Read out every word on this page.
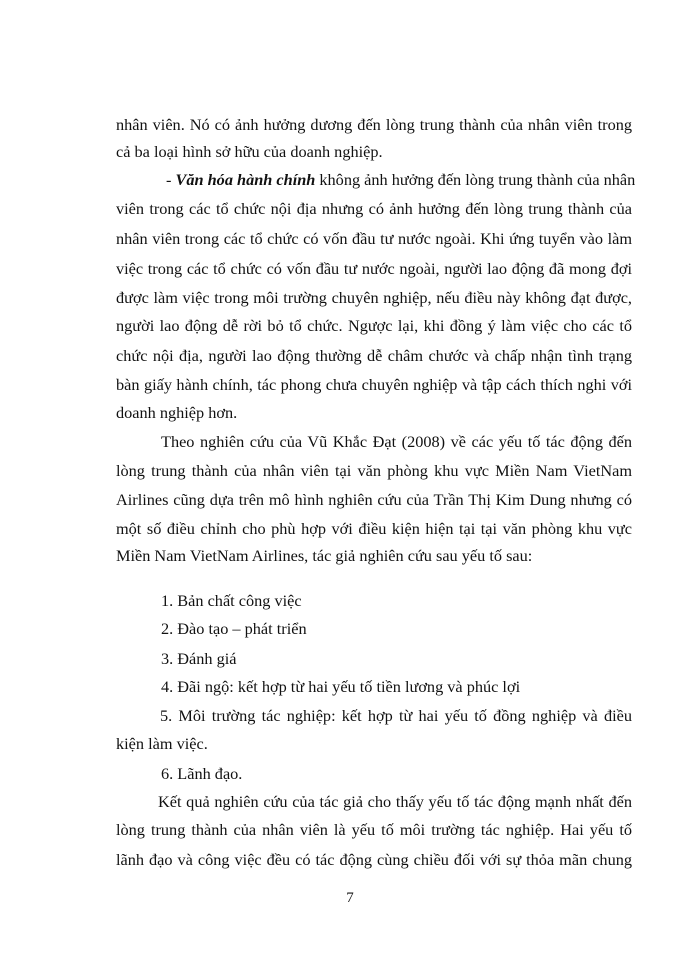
nhân viên. Nó có ảnh hưởng dương đến lòng trung thành của nhân viên trong
cả ba loại hình sở hữu của doanh nghiệp.
- Văn hóa hành chính không ảnh hưởng đến lòng trung thành của nhân
viên trong các tổ chức nội địa nhưng có ảnh hưởng đến lòng trung thành của
nhân viên trong các tổ chức có vốn đầu tư nước ngoài. Khi ứng tuyển vào làm
việc trong các tổ chức có vốn đầu tư nước ngoài, người lao động đã mong đợi
được làm việc trong môi trường chuyên nghiệp, nếu điều này không đạt được,
người lao động dễ rời bỏ tổ chức. Ngược lại, khi đồng ý làm việc cho các tổ
chức nội địa, người lao động thường dễ châm chước và chấp nhận tình trạng
bàn giấy hành chính, tác phong chưa chuyên nghiệp và tập cách thích nghi với
doanh nghiệp hơn.
Theo nghiên cứu của Vũ Khắc Đạt (2008) về các yếu tố tác động đến
lòng trung thành của nhân viên tại văn phòng khu vực Miền Nam VietNam
Airlines cũng dựa trên mô hình nghiên cứu của Trần Thị Kim Dung nhưng có
một số điều chỉnh cho phù hợp với điều kiện hiện tại tại văn phòng khu vực
Miền Nam VietNam Airlines, tác giả nghiên cứu sau yếu tố sau:
1. Bản chất công việc
2. Đào tạo – phát triển
3. Đánh giá
4. Đãi ngộ: kết hợp từ hai yếu tố tiền lương và phúc lợi
5. Môi trường tác nghiệp: kết hợp từ hai yếu tố đồng nghiệp và điều
kiện làm việc.
6. Lãnh đạo.
Kết quả nghiên cứu của tác giả cho thấy yếu tố tác động mạnh nhất đến
lòng trung thành của nhân viên là yếu tố môi trường tác nghiệp. Hai yếu tố
lãnh đạo và công việc đều có tác động cùng chiều đối với sự thỏa mãn chung
7
